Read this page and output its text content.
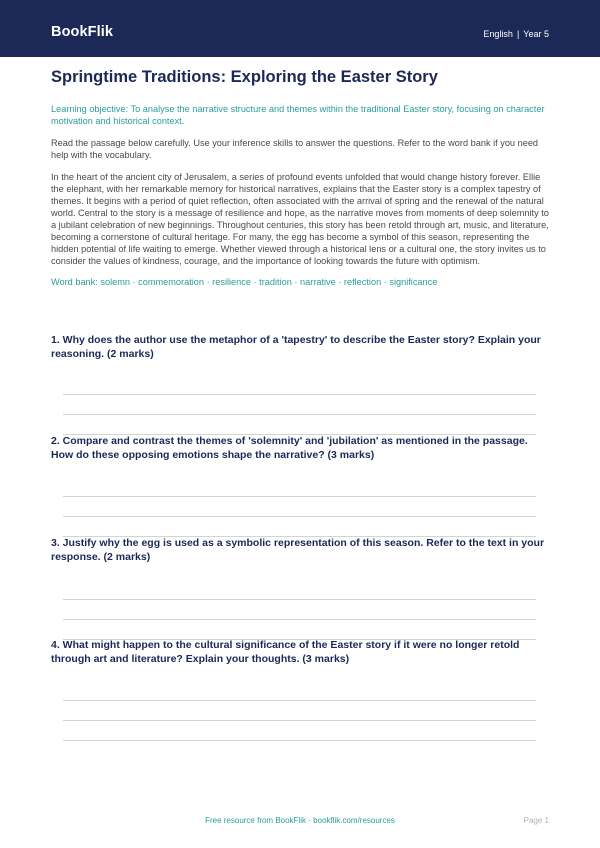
BookFlik	English | Year 5
Springtime Traditions: Exploring the Easter Story
Learning objective: To analyse the narrative structure and themes within the traditional Easter story, focusing on character motivation and historical context.
Read the passage below carefully. Use your inference skills to answer the questions. Refer to the word bank if you need help with the vocabulary.
In the heart of the ancient city of Jerusalem, a series of profound events unfolded that would change history forever. Ellie the elephant, with her remarkable memory for historical narratives, explains that the Easter story is a complex tapestry of themes. It begins with a period of quiet reflection, often associated with the arrival of spring and the renewal of the natural world. Central to the story is a message of resilience and hope, as the narrative moves from moments of deep solemnity to a jubilant celebration of new beginnings. Throughout centuries, this story has been retold through art, music, and literature, becoming a cornerstone of cultural heritage. For many, the egg has become a symbol of this season, representing the hidden potential of life waiting to emerge. Whether viewed through a historical lens or a cultural one, the story invites us to consider the values of kindness, courage, and the importance of looking towards the future with optimism.
Word bank: solemn · commemoration · resilience · tradition · narrative · reflection · significance
1. Why does the author use the metaphor of a 'tapestry' to describe the Easter story? Explain your reasoning. (2 marks)
2. Compare and contrast the themes of 'solemnity' and 'jubilation' as mentioned in the passage. How do these opposing emotions shape the narrative? (3 marks)
3. Justify why the egg is used as a symbolic representation of this season. Refer to the text in your response. (2 marks)
4. What might happen to the cultural significance of the Easter story if it were no longer retold through art and literature? Explain your thoughts. (3 marks)
Free resource from BookFlik · bookflik.com/resources	Page 1
